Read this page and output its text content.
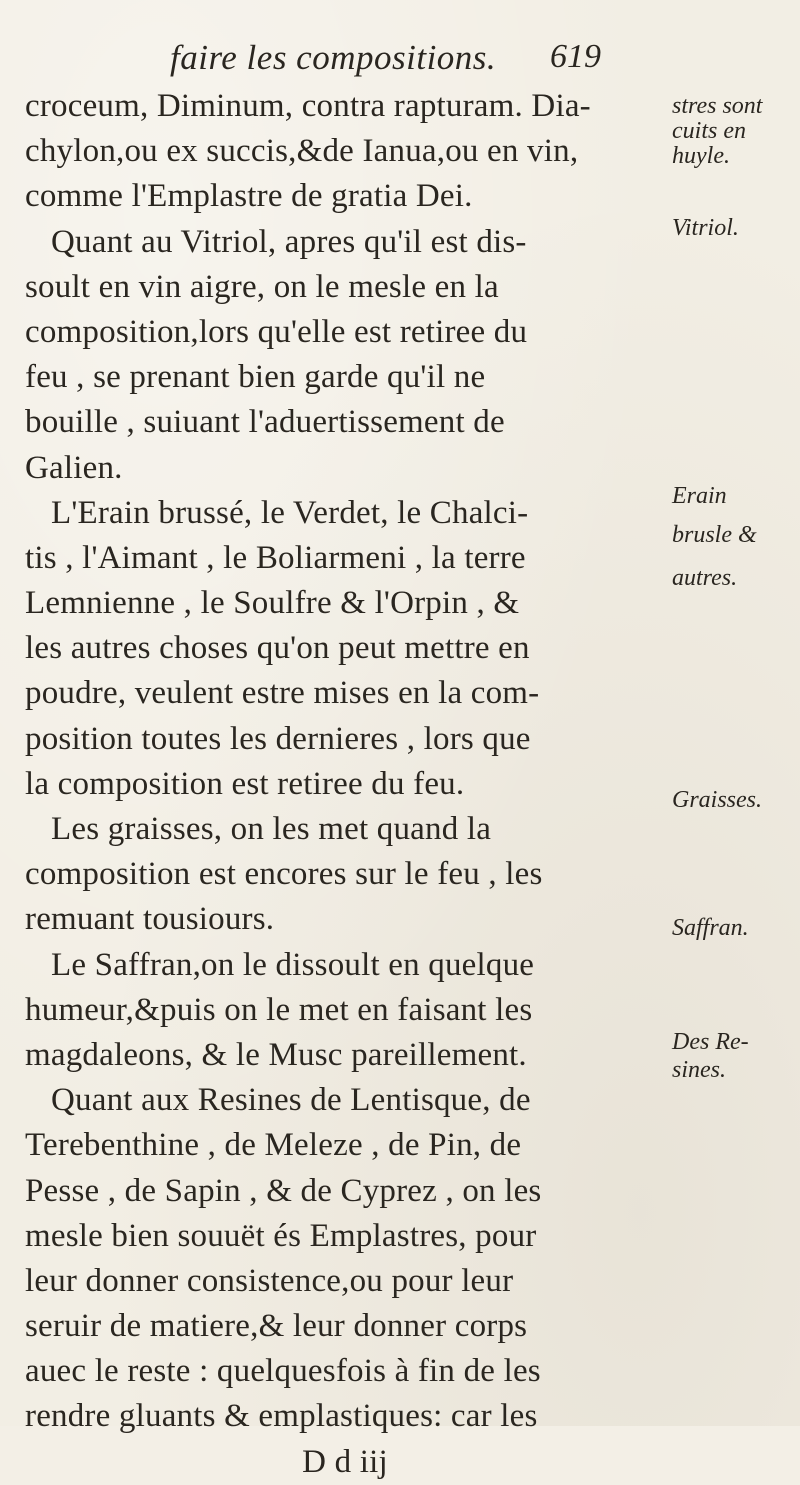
faire les compositions. 619
croceum, Diminum, contra rapturam. Dia-
chylon,ou ex succis,&de Ianua,ou en vin,
comme l'Emplastre de gratia Dei.
Quant au Vitriol, apres qu'il est dis-
soult en vin aigre, on le mesle en la
composition,lors qu'elle est retiree du
feu , se prenant bien garde qu'il ne
bouille , suiuant l'aduertissement de
Galien.
L'Erain brussé, le Verdet, le Chalci-
tis , l'Aimant , le Boliarmeni , la terre
Lemnienne , le Soulfre & l'Orpin , &
les autres choses qu'on peut mettre en
poudre, veulent estre mises en la com-
position toutes les dernieres , lors que
la composition est retiree du feu.
Les graisses, on les met quand la
composition est encores sur le feu , les
remuant tousiours.
Le Saffran,on le dissoult en quelque
humeur,&puis on le met en faisant les
magdaleons, & le Musc pareillement.
Quant aux Resines de Lentisque, de
Terebenthine , de Meleze , de Pin, de
Pesse , de Sapin , & de Cyprez , on les
mesle bien souuët és Emplastres, pour
leur donner consistence,ou pour leur
seruir de matiere,& leur donner corps
auec le reste : quelquesfois à fin de les
rendre gluants & emplastiques: car les
D d iij
stres sont
cuits en
huyle.
Vitriol.
Erain
brusle &
autres.
Graisses.
Saffran.
Des Re-
sines.
